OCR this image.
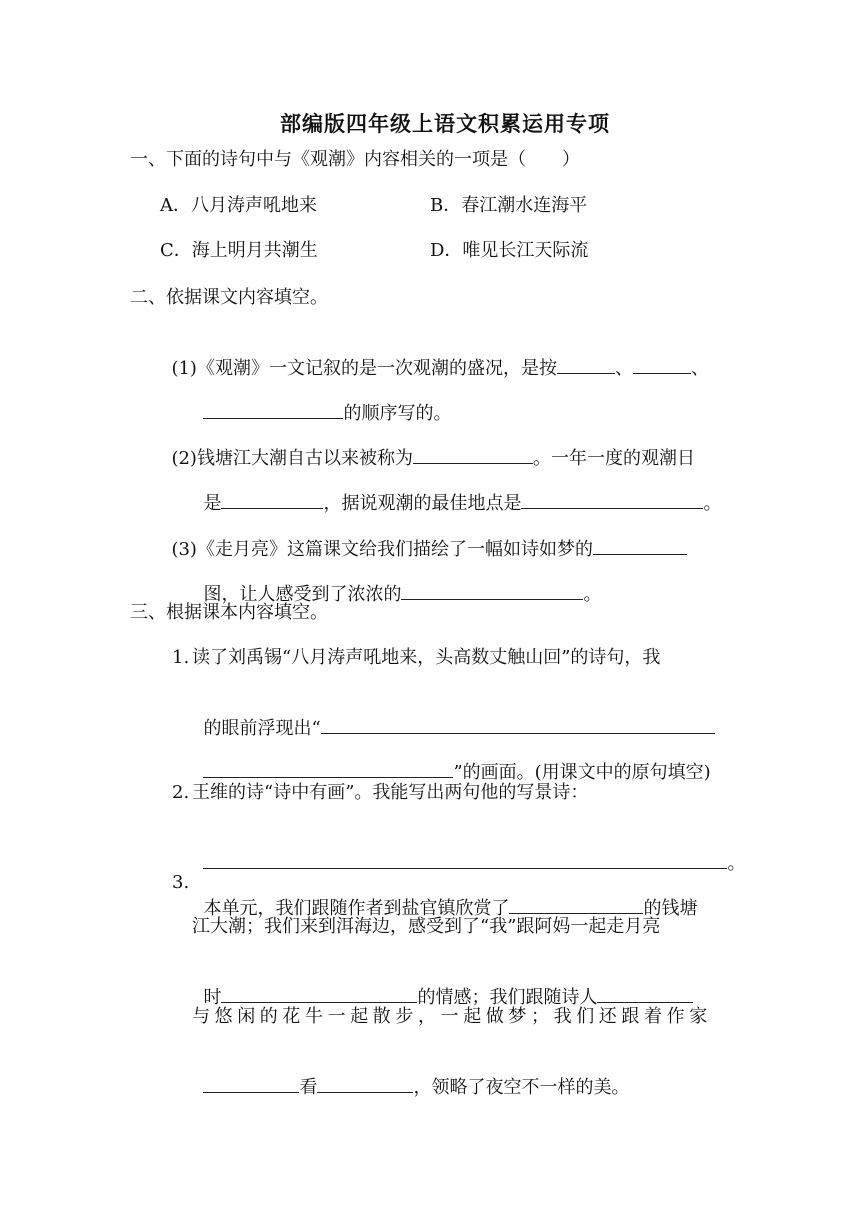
部编版四年级上语文积累运用专项
一、下面的诗句中与《观潮》内容相关的一项是（　　）
A．八月涛声吼地来	B．春江潮水连海平
C．海上明月共潮生	D．唯见长江天际流
二、依据课文内容填空。

(1)《观潮》一文记叙的是一次观潮的盛况，是按	、	、

的顺序写的。

(2)钱塘江大潮自古以来被称为	。一年一度的观潮日

是	，据说观潮的最佳地点是	。

(3)《走月亮》这篇课文给我们描绘了一幅如诗如梦的

图，让人感受到了浓浓的	。

三、根据课本内容填空。
1. 读了刘禹锡“八月涛声吼地来，头高数丈触山回”的诗句，我

的眼前浮现出“

”的画面。(用课文中的原句填空)

2. 王维的诗“诗中有画”。我能写出两句他的写景诗：

。

3.

本单元，我们跟随作者到盐官镇欣赏了	的钱塘

江大潮；我们来到洱海边，感受到了“我”跟阿妈一起走月亮

时	的情感；我们跟随诗人

与悠闲的花牛一起散步，一起做梦；我们还跟着作家

看	，领略了夜空不一样的美。
